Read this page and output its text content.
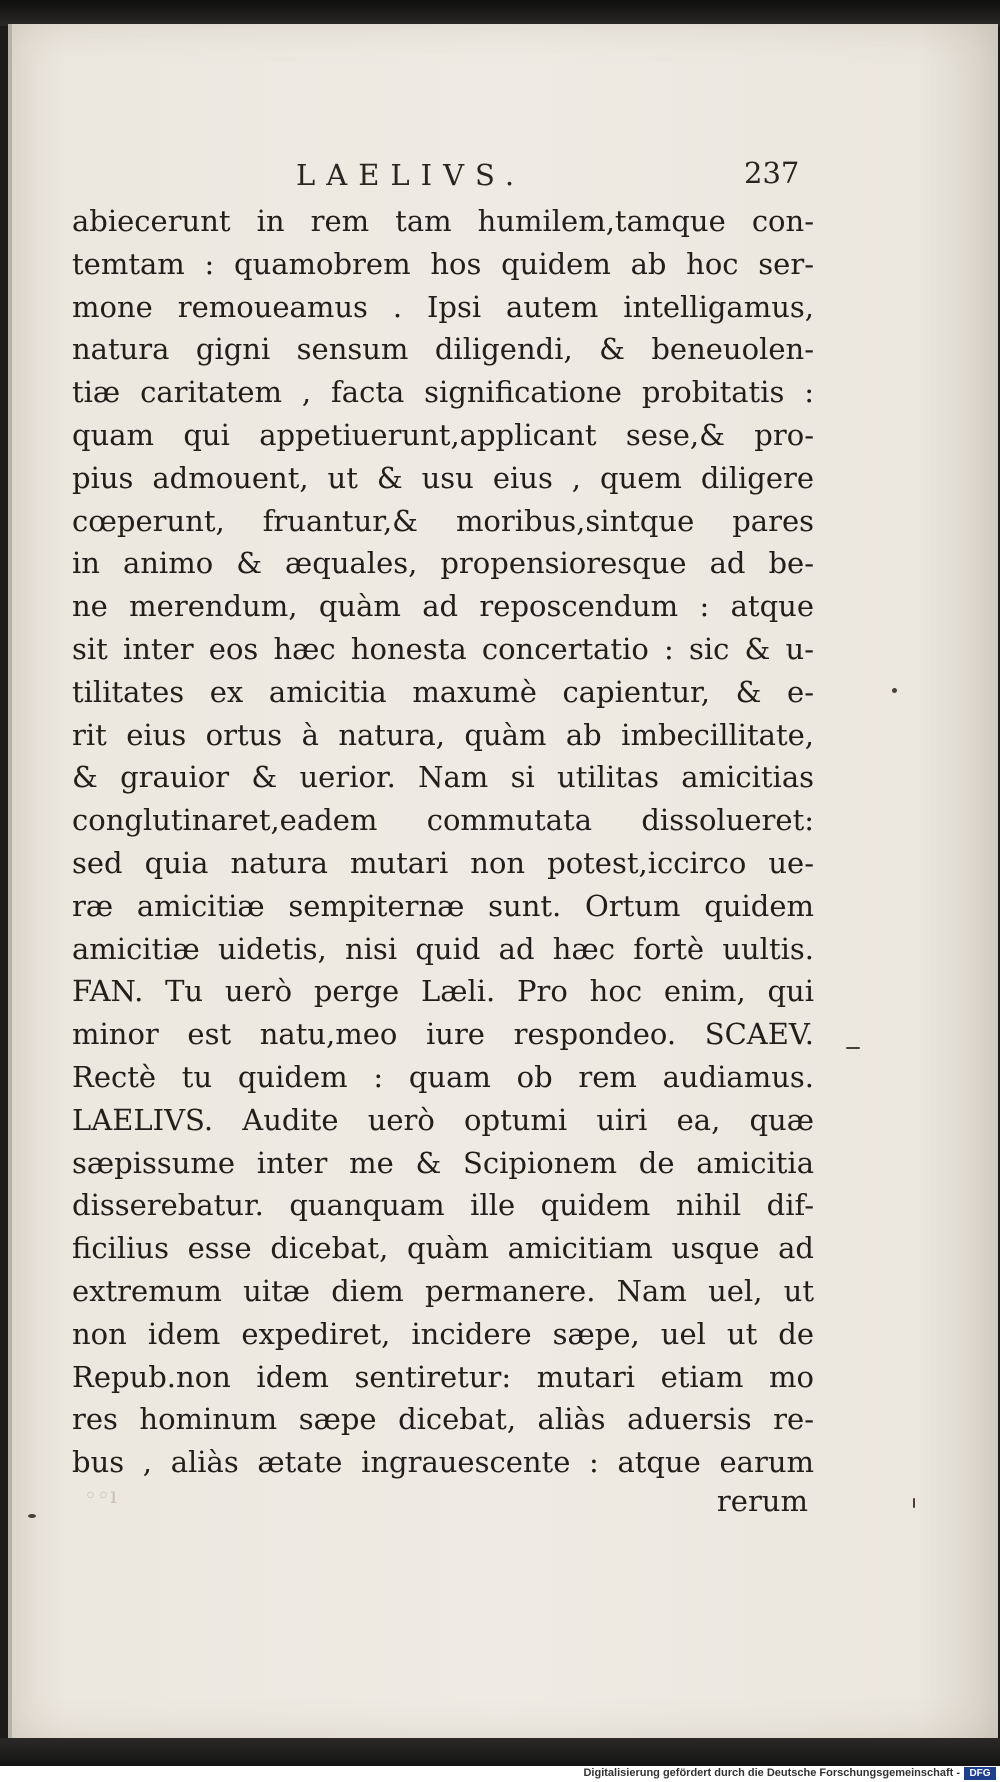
LAELIVS.	237
abiecerunt in rem tam humilem,tamque con-
temtam : quamobrem hos quidem ab hoc ser-
mone remoueamus . Ipsi autem intelligamus,
natura gigni sensum diligendi, & beneuolen-
tiæ caritatem , facta significatione probitatis :
quam qui appetiuerunt,applicant sese,& pro-
pius admouent, ut & usu eius , quem diligere
cœperunt, fruantur,& moribus,sintque pares
in animo & æquales, propensioresque ad be-
ne merendum, quàm ad reposcendum : atque
sit inter eos hæc honesta concertatio : sic & u-
tilitates ex amicitia maxumè capientur, & e-
rit eius ortus à natura, quàm ab imbecillitate,
& grauior & uerior. Nam si utilitas amicitias
conglutinaret,eadem commutata dissolueret:
sed quia natura mutari non potest,iccirco ue-
ræ amicitiæ sempiternæ sunt. Ortum quidem
amicitiæ uidetis, nisi quid ad hæc fortè uultis.
FAN. Tu uerò perge Læli. Pro hoc enim, qui
minor est natu,meo iure respondeo. SCAEV.
Rectè tu quidem : quam ob rem audiamus.
LAELIVS. Audite uerò optumi uiri ea, quæ
sæpissume inter me & Scipionem de amicitia
disserebatur. quanquam ille quidem nihil dif-
ficilius esse dicebat, quàm amicitiam usque ad
extremum uitæ diem permanere. Nam uel, ut
non idem expediret, incidere sæpe, uel ut de
Repub.non idem sentiretur: mutari etiam mo
res hominum sæpe dicebat, aliàs aduersis re-
bus , aliàs ætate ingrauescente : atque earum
◦◦ı	rerum
Digitalisierung gefördert durch die Deutsche Forschungsgemeinschaft - DFG
